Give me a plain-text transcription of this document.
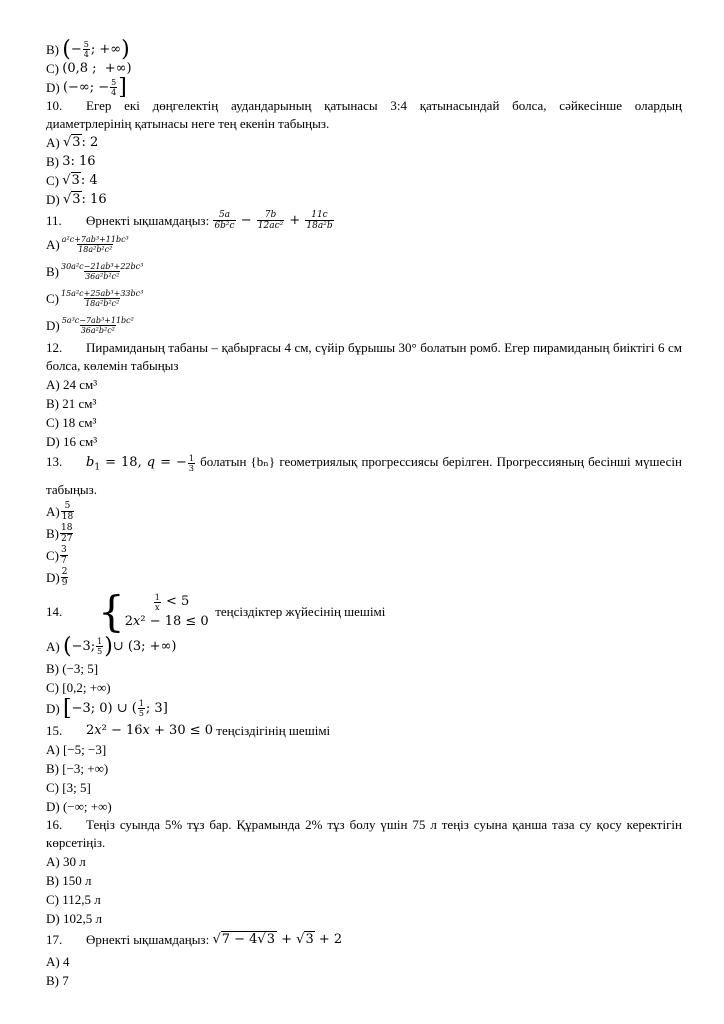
B) ( − $\frac{5}{4}$ ; +∞ )
C) (0,8 ;  +∞)
D) (−∞; − $\frac{5}{4}$ ]
10. Егер екі дөңгелектің аудандарының қатынасы 3:4 қатынасындай болса, сәйкесінше олардың диаметрлерінің қатынасы неге тең екенін табыңыз.
A) √3: 2
B) 3: 16
C) √3: 4
D) √3: 16
11.	Өрнекті ықшамдаңыз:
$\frac{5a}{\text{6b²c}} - \frac{7b}{\text{12ac²}} + \frac{11c}{\text{18a²b}}$
$A) \frac{\text{a²c+7ab³+11bc³}}{\text{18a²b²c²}}$
$B) \frac{\text{30a²c−21ab³+22bc³}}{\text{36a²b²c²}}$
$C) \frac{\text{15a²c+25ab³+33bc³}}{\text{18a²b²c²}}$
$D) \frac{\text{5a³c−7ab³+11bc²}}{\text{36a²b²c²}}$
12. Пирамиданың табаны – қабырғасы 4 см, сүйір бұрышы 30° болатын ромб. Егер пирамиданың биіктігі 6 см болса, көлемін табыңыз
A) 24 см³
B) 21 см³
C) 18 см³
D) 16 см³
13. $b_1 = 18$, q = − $\frac{1}{3}$ болатын {bₙ} геометриялық прогрессиясы берілген. Прогрессияның бесінші мүшесін табыңыз.
$A) \frac{5}{18}$
$B) \frac{18}{27}$
$C) \frac{3}{7}$
$D) \frac{2}{9}$
14. {	$\frac{1}{x} < 5$
2x² − 18 ≤ 0

теңсіздіктер жүйесінің шешімі
A) ( −3; $\frac{1}{5}$ ) ∪ (3; +∞)
B) (−3; 5]
C) [0,2; +∞)
D) [ −3; 0) ∪ ( $\frac{1}{5}$ ; 3]
15.	2x² − 16x + 30 ≤ 0
теңсіздігінің шешімі
A) [−5; −3]
B) [−3; +∞)
C) [3; 5]
D) (−∞; +∞)
16. Теңіз суында 5% тұз бар. Құрамында 2% тұз болу үшін 75 л теңіз суына қанша таза су қосу керектігін көрсетіңіз.
A) 30 л
B) 150 л
C) 112,5 л
D) 102,5 л
17.	Өрнекті ықшамдаңыз:
√7 − 4√3 + √3 + 2
A) 4
B) 7
